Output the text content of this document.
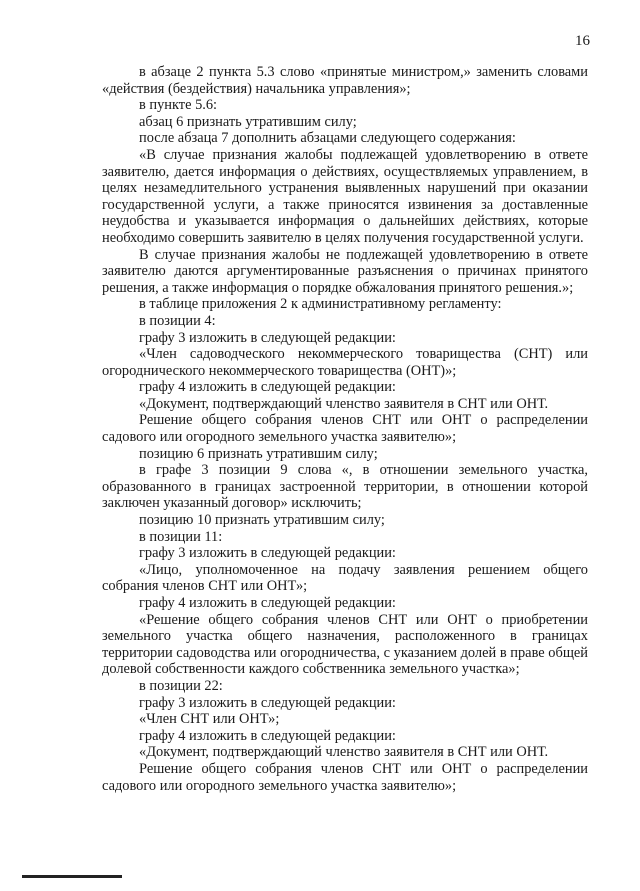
16

в абзаце 2 пункта 5.3 слово «принятые министром,» заменить словами «действия (бездействия) начальника управления»;

в пункте 5.6:

абзац 6 признать утратившим силу;

после абзаца 7 дополнить абзацами следующего содержания:

«В случае признания жалобы подлежащей удовлетворению в ответе заявителю, дается информация о действиях, осуществляемых управлением, в целях незамедлительного устранения выявленных нарушений при оказании государственной услуги, а также приносятся извинения за доставленные неудобства и указывается информация о дальнейших действиях, которые необходимо совершить заявителю в целях получения государственной услуги.

В случае признания жалобы не подлежащей удовлетворению в ответе заявителю даются аргументированные разъяснения о причинах принятого решения, а также информация о порядке обжалования принятого решения.»;

в таблице приложения 2 к административному регламенту:

в позиции 4:

графу 3 изложить в следующей редакции:

«Член садоводческого некоммерческого товарищества (СНТ) или огороднического некоммерческого товарищества (ОНТ)»;

графу 4 изложить в следующей редакции:

«Документ, подтверждающий членство заявителя в СНТ или ОНТ.

Решение общего собрания членов СНТ или ОНТ о распределении садового или огородного земельного участка заявителю»;

позицию 6 признать утратившим силу;

в графе 3 позиции 9 слова «, в отношении земельного участка, образованного в границах застроенной территории, в отношении которой заключен указанный договор» исключить;

позицию 10 признать утратившим силу;

в позиции 11:

графу 3 изложить в следующей редакции:

«Лицо, уполномоченное на подачу заявления решением общего собрания членов СНТ или ОНТ»;

графу 4 изложить в следующей редакции:

«Решение общего собрания членов СНТ или ОНТ о приобретении земельного участка общего назначения, расположенного в границах территории садоводства или огородничества, с указанием долей в праве общей долевой собственности каждого собственника земельного участка»;

в позиции 22:

графу 3 изложить в следующей редакции:

«Член СНТ или ОНТ»;

графу 4 изложить в следующей редакции:

«Документ, подтверждающий членство заявителя в СНТ или ОНТ.

Решение общего собрания членов СНТ или ОНТ о распределении садового или огородного земельного участка заявителю»;
